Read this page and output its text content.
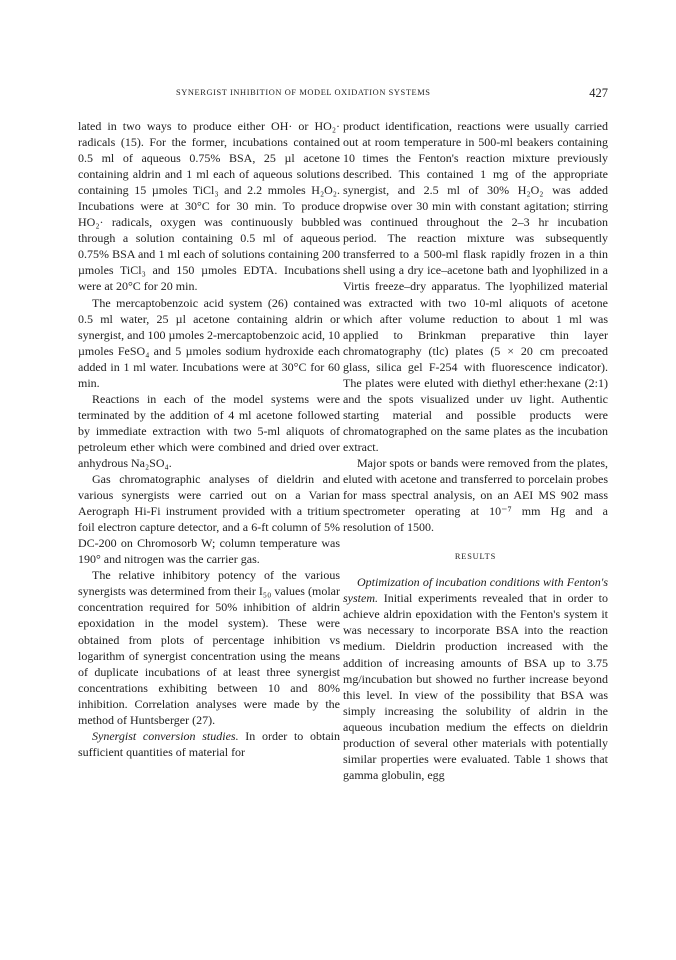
SYNERGIST INHIBITION OF MODEL OXIDATION SYSTEMS	427

lated in two ways to produce either OH· or HO₂· radicals (15). For the former, incubations contained 0.5 ml of aqueous 0.75% BSA, 25 µl acetone containing aldrin and 1 ml each of aqueous solutions containing 15 µmoles TiCl₃ and 2.2 mmoles H₂O₂. Incubations were at 30°C for 30 min. To produce HO₂· radicals, oxygen was continuously bubbled through a solution containing 0.5 ml of aqueous 0.75% BSA and 1 ml each of solutions containing 200 µmoles TiCl₃ and 150 µmoles EDTA. Incubations were at 20°C for 20 min.

The mercaptobenzoic acid system (26) contained 0.5 ml water, 25 µl acetone containing aldrin or synergist, and 100 µmoles 2-mercaptobenzoic acid, 10 µmoles FeSO₄ and 5 µmoles sodium hydroxide each added in 1 ml water. Incubations were at 30°C for 60 min.

Reactions in each of the model systems were terminated by the addition of 4 ml acetone followed by immediate extraction with two 5-ml aliquots of petroleum ether which were combined and dried over anhydrous Na₂SO₄.

Gas chromatographic analyses of dieldrin and various synergists were carried out on a Varian Aerograph Hi-Fi instrument provided with a tritium foil electron capture detector, and a 6-ft column of 5% DC-200 on Chromosorb W; column temperature was 190° and nitrogen was the carrier gas.

The relative inhibitory potency of the various synergists was determined from their I₅₀ values (molar concentration required for 50% inhibition of aldrin epoxidation in the model system). These were obtained from plots of percentage inhibition vs logarithm of synergist concentration using the means of duplicate incubations of at least three synergist concentrations exhibiting between 10 and 80% inhibition. Correlation analyses were made by the method of Huntsberger (27).

Synergist conversion studies. In order to obtain sufficient quantities of material for

product identification, reactions were usually carried out at room temperature in 500-ml beakers containing 10 times the Fenton's reaction mixture previously described. This contained 1 mg of the appropriate synergist, and 2.5 ml of 30% H₂O₂ was added dropwise over 30 min with constant agitation; stirring was continued throughout the 2–3 hr incubation period. The reaction mixture was subsequently transferred to a 500-ml flask rapidly frozen in a thin shell using a dry ice–acetone bath and lyophilized in a Virtis freeze–dry apparatus. The lyophilized material was extracted with two 10-ml aliquots of acetone which after volume reduction to about 1 ml was applied to Brinkman preparative thin layer chromatography (tlc) plates (5 × 20 cm precoated glass, silica gel F-254 with fluorescence indicator). The plates were eluted with diethyl ether:hexane (2:1) and the spots visualized under uv light. Authentic starting material and possible products were chromatographed on the same plates as the incubation extract.

Major spots or bands were removed from the plates, eluted with acetone and transferred to porcelain probes for mass spectral analysis, on an AEI MS 902 mass spectrometer operating at 10⁻⁷ mm Hg and a resolution of 1500.

RESULTS

Optimization of incubation conditions with Fenton's system. Initial experiments revealed that in order to achieve aldrin epoxidation with the Fenton's system it was necessary to incorporate BSA into the reaction medium. Dieldrin production increased with the addition of increasing amounts of BSA up to 3.75 mg/incubation but showed no further increase beyond this level. In view of the possibility that BSA was simply increasing the solubility of aldrin in the aqueous incubation medium the effects on dieldrin production of several other materials with potentially similar properties were evaluated. Table 1 shows that gamma globulin, egg
